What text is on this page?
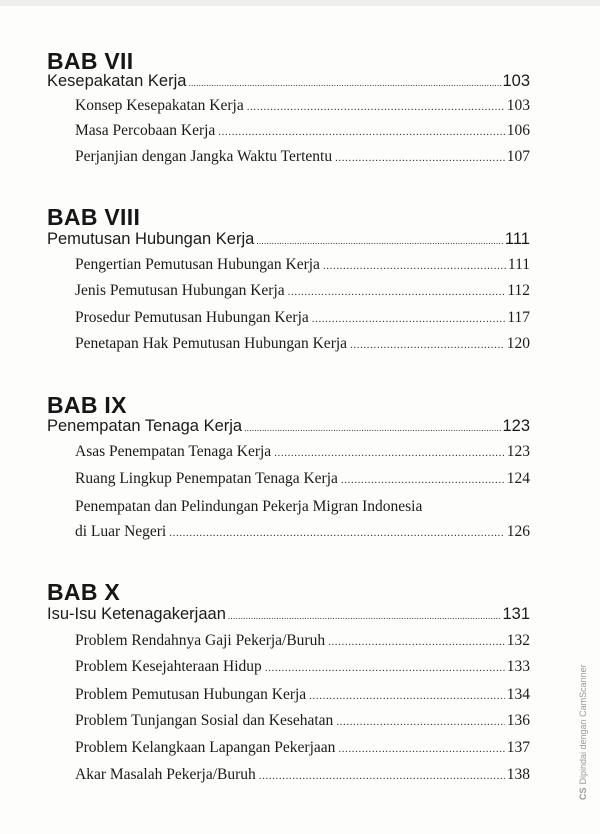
BAB VII
Kesepakatan Kerja .....	103
Konsep Kesepakatan Kerja .....	103
Masa Percobaan Kerja .....	106
Perjanjian dengan Jangka Waktu Tertentu .....	107
BAB VIII
Pemutusan Hubungan Kerja .....	111
Pengertian Pemutusan Hubungan Kerja .....	111
Jenis Pemutusan Hubungan Kerja .....	112
Prosedur Pemutusan Hubungan Kerja .....	117
Penetapan Hak Pemutusan Hubungan Kerja .....	120
BAB IX
Penempatan Tenaga Kerja .....	123
Asas Penempatan Tenaga Kerja .....	123
Ruang Lingkup Penempatan Tenaga Kerja .....	124
Penempatan dan Pelindungan Pekerja Migran Indonesia
di Luar Negeri .....	126
BAB X
Isu-Isu Ketenagakerjaan .....	131
Problem Rendahnya Gaji Pekerja/Buruh .....	132
Problem Kesejahteraan Hidup .....	133
Problem Pemutusan Hubungan Kerja .....	134
Problem Tunjangan Sosial dan Kesehatan .....	136
Problem Kelangkaan Lapangan Pekerjaan .....	137
Akar Masalah Pekerja/Buruh .....	138
CSDipindai dengan CamScanner
